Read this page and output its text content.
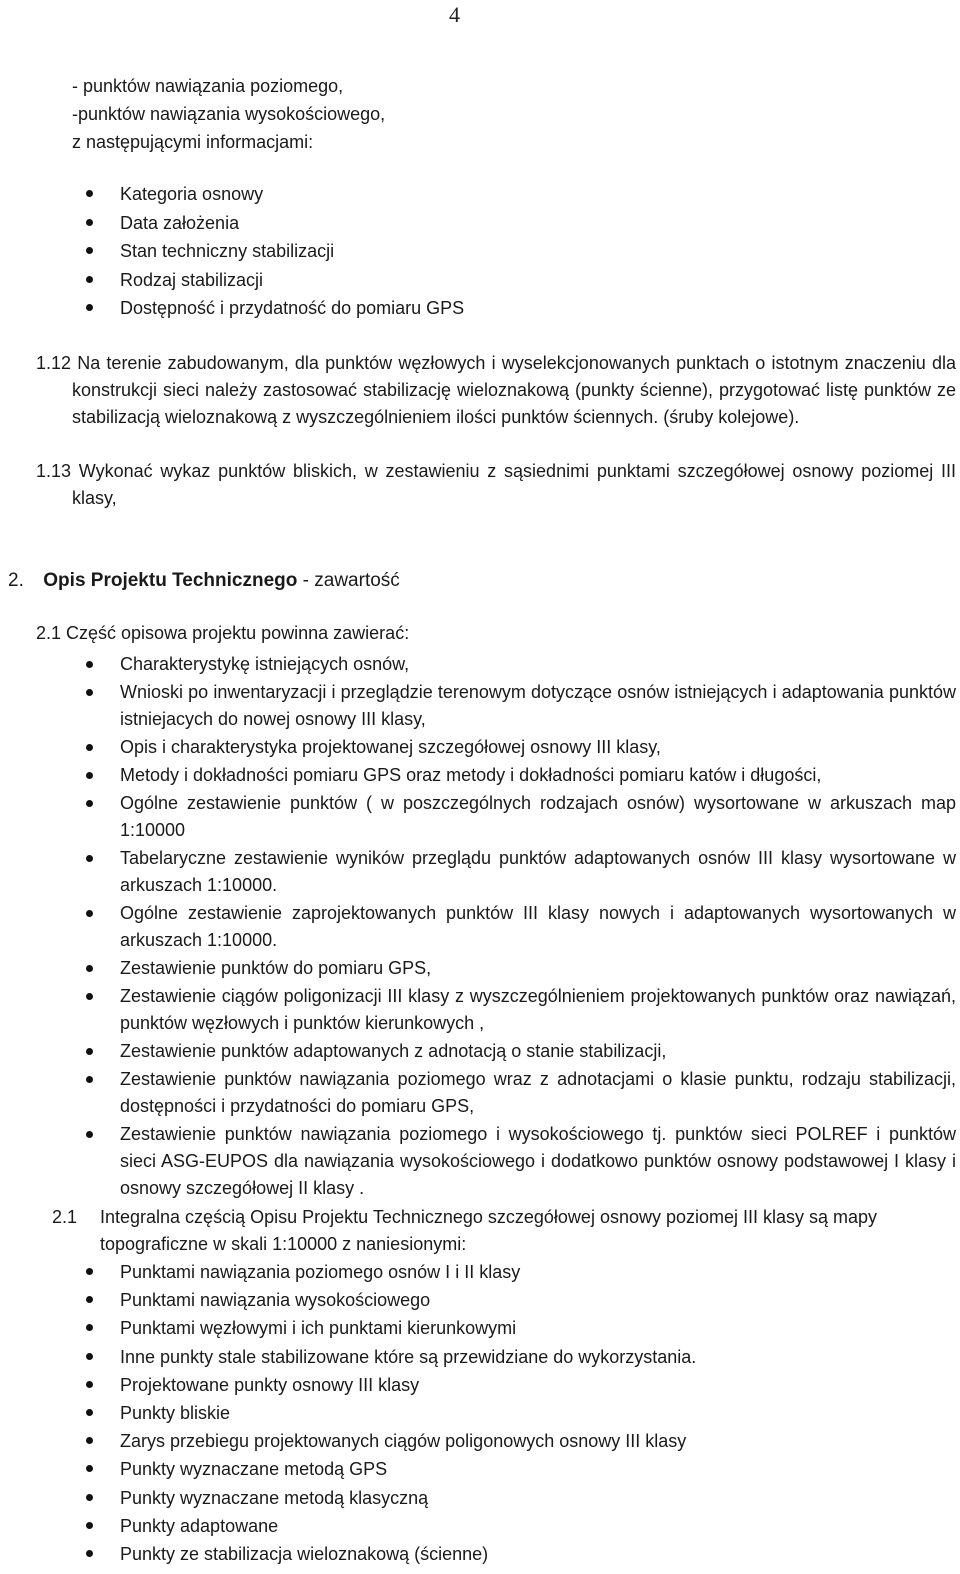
4
- punktów nawiązania poziomego,
-punktów nawiązania wysokościowego,
z następującymi informacjami:
Kategoria osnowy
Data założenia
Stan techniczny stabilizacji
Rodzaj stabilizacji
Dostępność i przydatność do pomiaru GPS
1.12 Na terenie zabudowanym, dla punktów węzłowych i wyselekcjonowanych punktach o istotnym znaczeniu dla konstrukcji sieci należy zastosować stabilizację wieloznakową (punkty ścienne), przygotować listę punktów ze stabilizacją wieloznakową z wyszczególnieniem ilości punktów ściennych. (śruby kolejowe).
1.13 Wykonać wykaz punktów bliskich, w zestawieniu z sąsiednimi punktami szczegółowej osnowy poziomej III klasy,
2. Opis Projektu Technicznego - zawartość
2.1 Część opisowa projektu powinna zawierać:
Charakterystykę istniejących osnów,
Wnioski po inwentaryzacji i przeglądzie terenowym dotyczące osnów istniejących i adaptowania punktów istniejacych do nowej osnowy III klasy,
Opis i charakterystyka projektowanej szczegółowej osnowy III klasy,
Metody i dokładności pomiaru GPS oraz metody i dokładności pomiaru katów i długości,
Ogólne zestawienie punktów ( w poszczególnych rodzajach osnów) wysortowane w arkuszach map 1:10000
Tabelaryczne zestawienie wyników przeglądu punktów adaptowanych osnów III klasy wysortowane w arkuszach 1:10000.
Ogólne zestawienie zaprojektowanych punktów III klasy nowych i adaptowanych wysortowanych w arkuszach 1:10000.
Zestawienie punktów do pomiaru GPS,
Zestawienie ciągów poligonizacji III klasy z wyszczególnieniem projektowanych punktów oraz nawiązań, punktów węzłowych i punktów kierunkowych ,
Zestawienie punktów adaptowanych z adnotacją o stanie stabilizacji,
Zestawienie punktów nawiązania poziomego wraz z adnotacjami o klasie punktu, rodzaju stabilizacji, dostępności i przydatności do pomiaru GPS,
Zestawienie punktów nawiązania poziomego i wysokościowego tj. punktów sieci POLREF i punktów sieci ASG-EUPOS dla nawiązania wysokościowego i dodatkowo punktów osnowy podstawowej I klasy i osnowy szczegółowej II klasy .
2.1 Integralna częścią Opisu Projektu Technicznego szczegółowej osnowy poziomej III klasy są mapy topograficzne w skali 1:10000 z naniesionymi:
Punktami nawiązania poziomego osnów I i II klasy
Punktami nawiązania wysokościowego
Punktami węzłowymi i ich punktami kierunkowymi
Inne punkty stale stabilizowane które są przewidziane do wykorzystania.
Projektowane punkty osnowy III klasy
Punkty bliskie
Zarys przebiegu projektowanych ciągów poligonowych osnowy III klasy
Punkty wyznaczane metodą GPS
Punkty wyznaczane metodą klasyczną
Punkty adaptowane
Punkty ze stabilizacja wieloznakową (ścienne)
